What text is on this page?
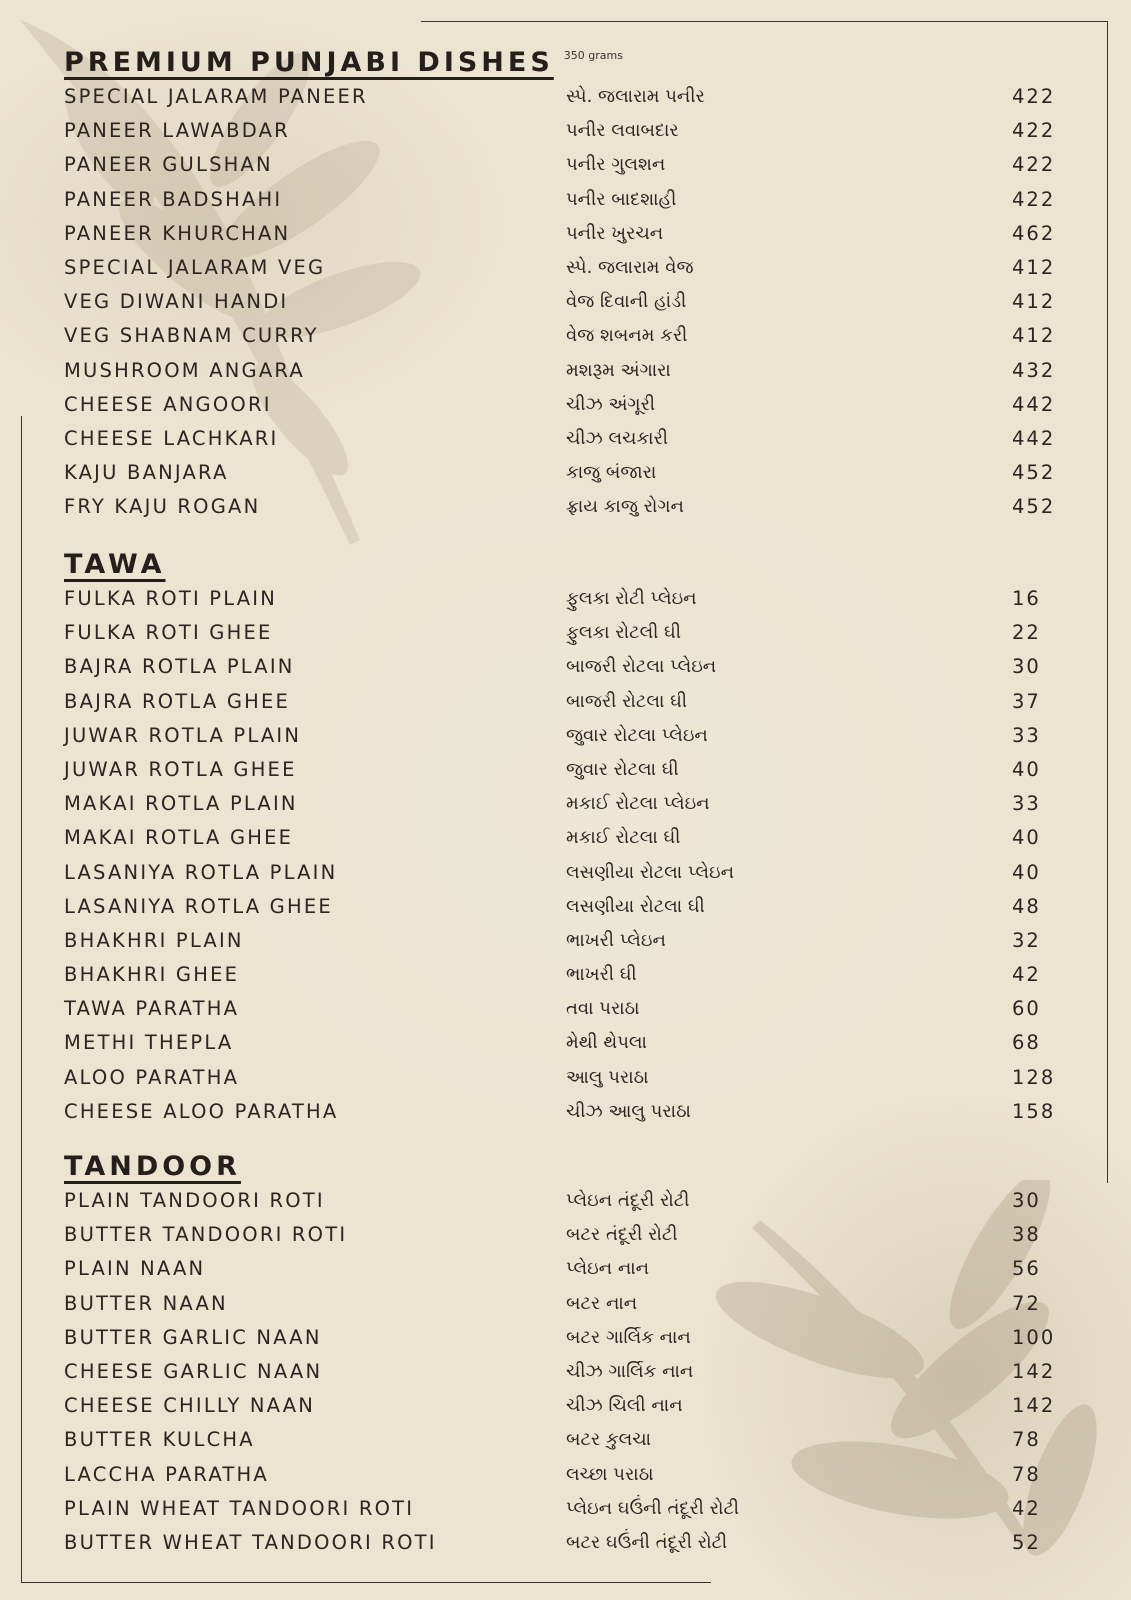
PREMIUM PUNJABI DISHES 350 grams
SPECIAL JALARAM PANEER	સ્પે. જલારામ પનીર	422
PANEER LAWABDAR	પનીર લવાબદાર	422
PANEER GULSHAN	પનીર ગુલશન	422
PANEER BADSHAHI	પનીર બાદશાહી	422
PANEER KHURCHAN	પનીર ખુરચન	462
SPECIAL JALARAM VEG	સ્પે. જલારામ વેજ	412
VEG DIWANI HANDI	વેજ દિવાની હાંડી	412
VEG SHABNAM CURRY	વેજ શબનમ કરી	412
MUSHROOM ANGARA	મશરૂમ અંગારા	432
CHEESE ANGOORI	ચીઝ અંગૂરી	442
CHEESE LACHKARI	ચીઝ લચકારી	442
KAJU BANJARA	કાજુ બંજારા	452
FRY KAJU ROGAN	ફ્રાય કાજુ રોગન	452
TAWA
FULKA ROTI PLAIN	ફુલકા રોટી પ્લેઇન	16
FULKA ROTI GHEE	ફુલકા રોટલી ઘી	22
BAJRA ROTLA PLAIN	બાજરી રોટલા પ્લેઇન	30
BAJRA ROTLA GHEE	બાજરી રોટલા ઘી	37
JUWAR ROTLA PLAIN	જુવાર રોટલા પ્લેઇન	33
JUWAR ROTLA GHEE	જુવાર રોટલા ઘી	40
MAKAI ROTLA PLAIN	મકાઈ રોટલા પ્લેઇન	33
MAKAI ROTLA GHEE	મકાઈ રોટલા ઘી	40
LASANIYA ROTLA PLAIN	લસણીયા રોટલા પ્લેઇન	40
LASANIYA ROTLA GHEE	લસણીયા રોટલા ઘી	48
BHAKHRI PLAIN	ભાખરી પ્લેઇન	32
BHAKHRI GHEE	ભાખરી ઘી	42
TAWA PARATHA	તવા પરાઠા	60
METHI THEPLA	મેથી થેપલા	68
ALOO PARATHA	આલુ પરાઠા	128
CHEESE ALOO PARATHA	ચીઝ આલુ પરાઠા	158
TANDOOR
PLAIN TANDOORI ROTI	પ્લેઇન તંદૂરી રોટી	30
BUTTER TANDOORI ROTI	બટર તંદૂરી રોટી	38
PLAIN NAAN	પ્લેઇન નાન	56
BUTTER NAAN	બટર નાન	72
BUTTER GARLIC NAAN	બટર ગાર્લિક નાન	100
CHEESE GARLIC NAAN	ચીઝ ગાર્લિક નાન	142
CHEESE CHILLY NAAN	ચીઝ ચિલી નાન	142
BUTTER KULCHA	બટર કુલચા	78
LACCHA PARATHA	લચ્છા પરાઠા	78
PLAIN WHEAT TANDOORI ROTI	પ્લેઇન ઘઉંની તંદૂરી રોટી	42
BUTTER WHEAT TANDOORI ROTI	બટર ઘઉંની તંદૂરી રોટી	52
